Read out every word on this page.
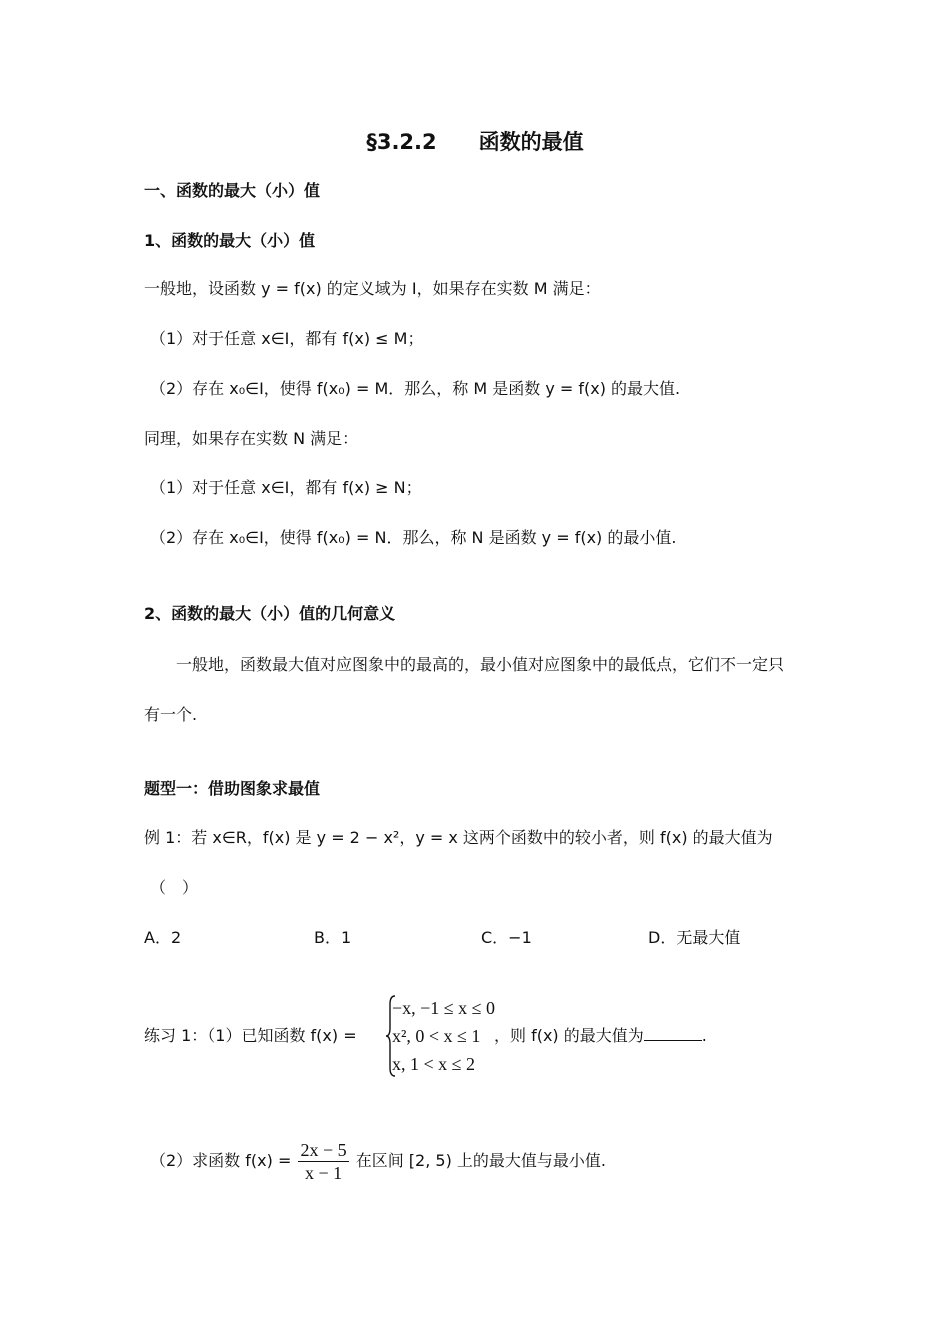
§3.2.2　　函数的最值
一、函数的最大（小）值
1、函数的最大（小）值
一般地，设函数 y = f(x) 的定义域为 I，如果存在实数 M 满足：
（1）对于任意 x∈I，都有 f(x) ≤ M；
（2）存在 x₀∈I，使得 f(x₀) = M．那么，称 M 是函数 y = f(x) 的最大值.
同理，如果存在实数 N 满足：
（1）对于任意 x∈I，都有 f(x) ≥ N；
（2）存在 x₀∈I，使得 f(x₀) = N．那么，称 N 是函数 y = f(x) 的最小值.
2、函数的最大（小）值的几何意义
一般地，函数最大值对应图象中的最高的，最小值对应图象中的最低点，它们不一定只
有一个.
题型一：借助图象求最值
例 1：若 x∈R，f(x) 是 y = 2 − x²，y = x 这两个函数中的较小者，则 f(x) 的最大值为
（　）
A．2	B．1	C．−1	D．无最大值
练习 1：（1）已知函数 f(x) =
−x, −1 ≤ x ≤ 0
x², 0 < x ≤ 1
x, 1 < x ≤ 2
，则 f(x) 的最大值为	.
（2）求函数 $f(x) = \frac{2x - 5}{x - 1}$ 在区间 [2, 5) 上的最大值与最小值.
